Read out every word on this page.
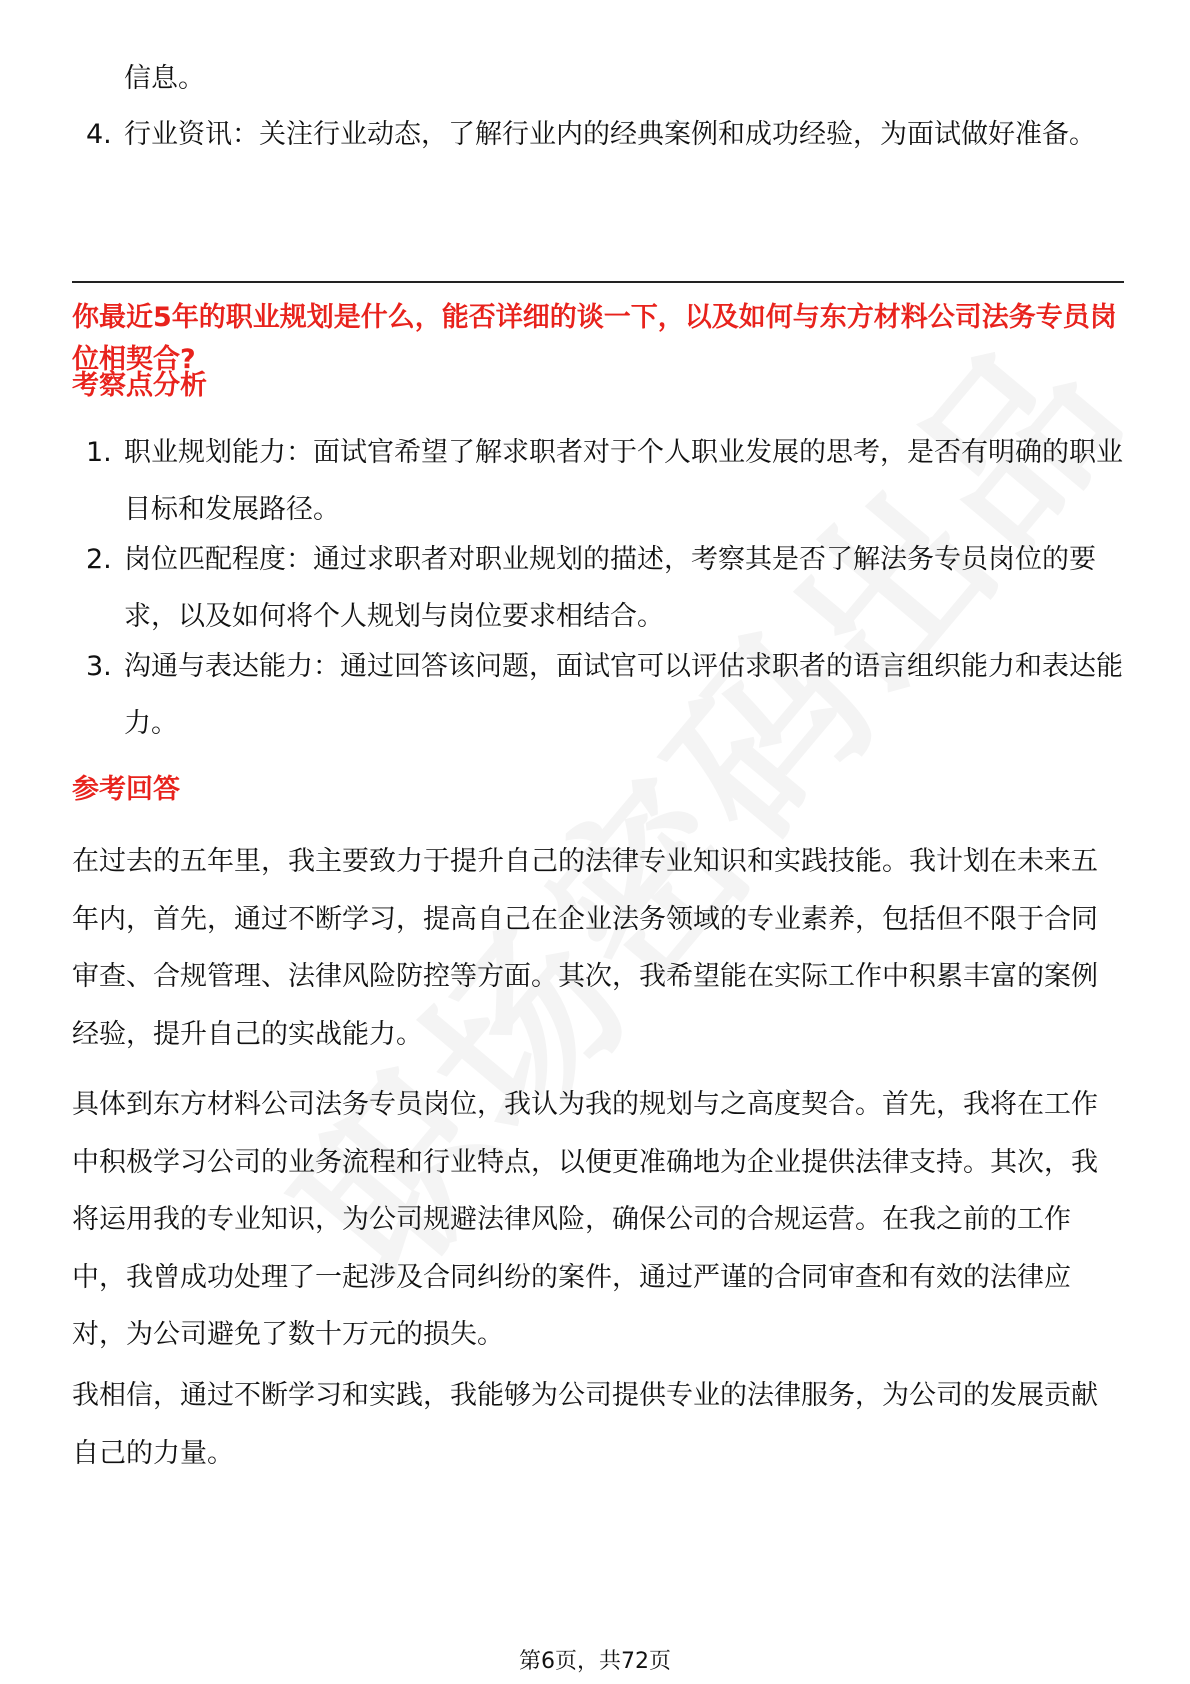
信息。
4. 行业资讯：关注行业动态，了解行业内的经典案例和成功经验，为面试做好准备。
你最近5年的职业规划是什么，能否详细的谈一下，以及如何与东方材料公司法务专员岗位相契合?
考察点分析
1. 职业规划能力：面试官希望了解求职者对于个人职业发展的思考，是否有明确的职业目标和发展路径。
2. 岗位匹配程度：通过求职者对职业规划的描述，考察其是否了解法务专员岗位的要求，以及如何将个人规划与岗位要求相结合。
3. 沟通与表达能力：通过回答该问题，面试官可以评估求职者的语言组织能力和表达能力。
参考回答
在过去的五年里，我主要致力于提升自己的法律专业知识和实践技能。我计划在未来五年内，首先，通过不断学习，提高自己在企业法务领域的专业素养，包括但不限于合同审查、合规管理、法律风险防控等方面。其次，我希望能在实际工作中积累丰富的案例经验，提升自己的实战能力。
具体到东方材料公司法务专员岗位，我认为我的规划与之高度契合。首先，我将在工作中积极学习公司的业务流程和行业特点，以便更准确地为企业提供法律支持。其次，我将运用我的专业知识，为公司规避法律风险，确保公司的合规运营。在我之前的工作中，我曾成功处理了一起涉及合同纠纷的案件，通过严谨的合同审查和有效的法律应对，为公司避免了数十万元的损失。
我相信，通过不断学习和实践，我能够为公司提供专业的法律服务，为公司的发展贡献自己的力量。
第6页，共72页
